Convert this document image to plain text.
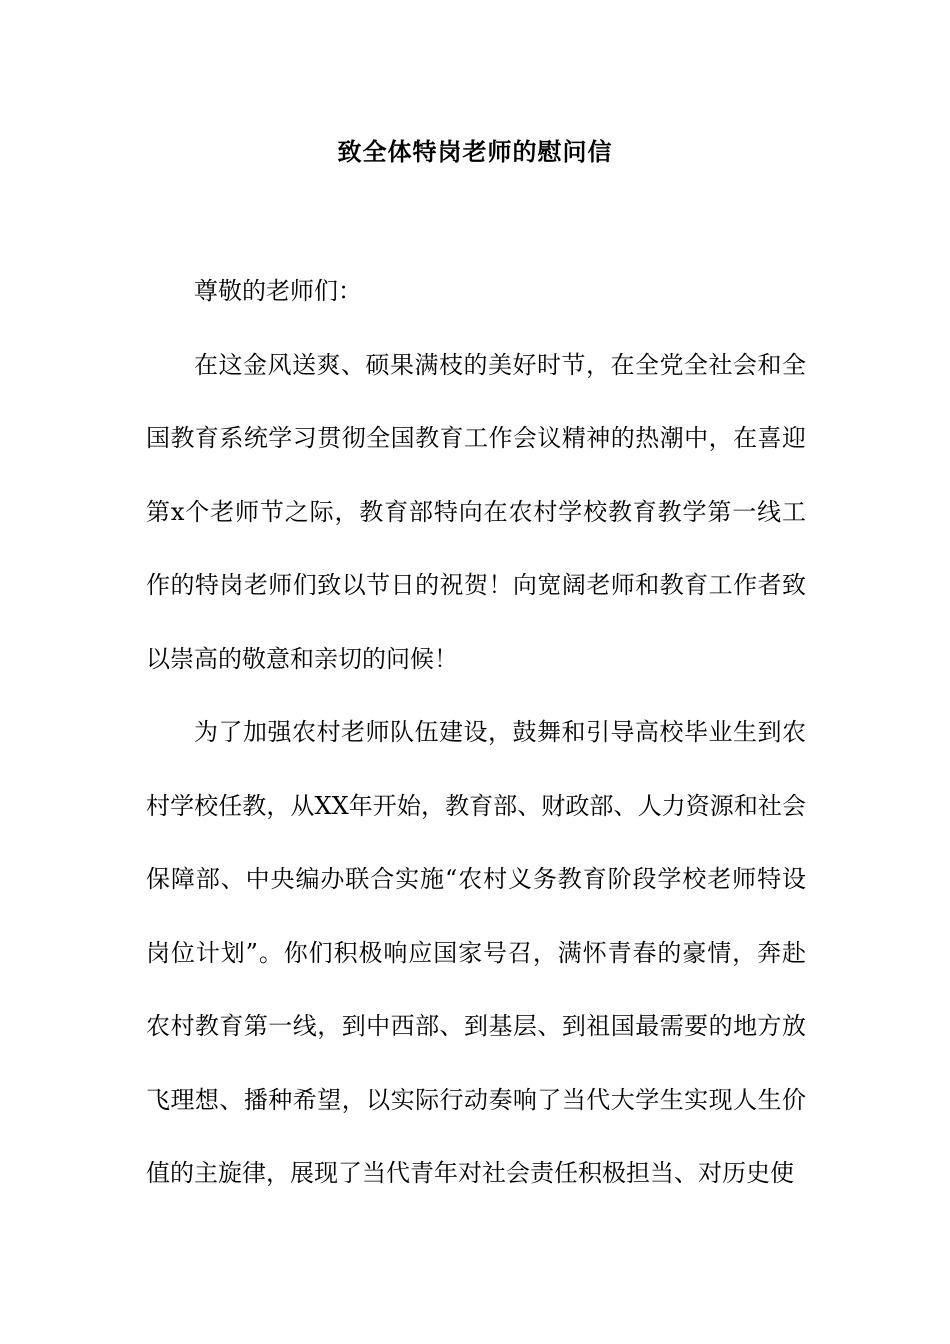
致全体特岗老师的慰问信

尊敬的老师们：

在这金风送爽、硕果满枝的美好时节，在全党全社会和全国教育系统学习贯彻全国教育工作会议精神的热潮中，在喜迎第x个老师节之际，教育部特向在农村学校教育教学第一线工作的特岗老师们致以节日的祝贺！向宽阔老师和教育工作者致以崇高的敬意和亲切的问候！

为了加强农村老师队伍建设，鼓舞和引导高校毕业生到农村学校任教，从XX年开始，教育部、财政部、人力资源和社会保障部、中央编办联合实施“农村义务教育阶段学校老师特设岗位计划”。你们积极响应国家号召，满怀青春的豪情，奔赴农村教育第一线，到中西部、到基层、到祖国最需要的地方放飞理想、播种希望，以实际行动奏响了当代大学生实现人生价值的主旋律，展现了当代青年对社会责任积极担当、对历史使
